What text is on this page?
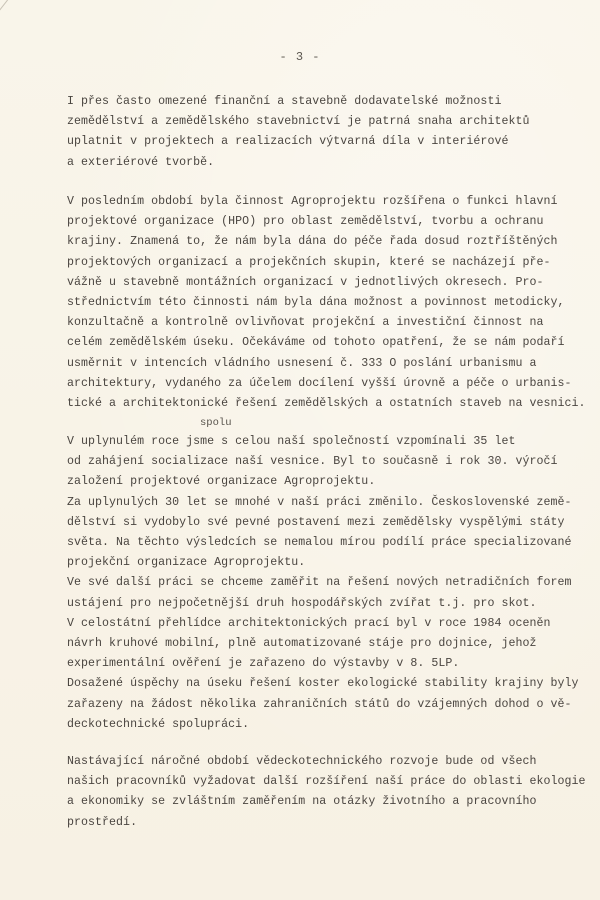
- 3 -
I přes často omezené finanční a stavebně dodavatelské možnosti
zemědělství a zemědělského stavebnictví je patrná snaha architektů
uplatnit v projektech a realizacích výtvarná díla v interiérové
a exteriérové tvorbě.
V posledním období byla činnost Agroprojektu rozšířena o funkci hlavní
projektové organizace (HPO) pro oblast zemědělství, tvorbu a ochranu
krajiny. Znamená to, že nám byla dána do péče řada dosud roztříštěných
projektových organizací a projekčních skupin, které se nacházejí pře-
vážně u stavebně montážních organizací v jednotlivých okresech. Pro-
střednictvím této činnosti nám byla dána možnost a povinnost metodicky,
konzultačně a kontrolně ovlivňovat projekční a investiční činnost na
celém zemědělském úseku. Očekáváme od tohoto opatření, že se nám podaří
usměrnit v intencích vládního usnesení č. 333 O poslání urbanismu a
architektury, vydaného za účelem docílení vyšší úrovně a péče o urbanis-
tické a architektonické řešení zemědělských a ostatních staveb na vesnici.
spolu
V uplynulém roce jsme s celou naší společností vzpomínali 35 let
od zahájení socializace naší vesnice. Byl to současně i rok 30. výročí
založení projektové organizace Agroprojektu.
Za uplynulých 30 let se mnohé v naší práci změnilo. Československé země-
dělství si vydobylo své pevné postavení mezi zemědělsky vyspělými státy
světa. Na těchto výsledcích se nemalou mírou podílí práce specializované
projekční organizace Agroprojektu.
Ve své další práci se chceme zaměřit na řešení nových netradičních forem
ustájení pro nejpočetnější druh hospodářských zvířat t.j. pro skot.
V celostátní přehlídce architektonických prací byl v roce 1984 oceněn
návrh kruhové mobilní, plně automatizované stáje pro dojnice, jehož
experimentální ověření je zařazeno do výstavby v 8. 5LP.
Dosažené úspěchy na úseku řešení koster ekologické stability krajiny byly
zařazeny na žádost několika zahraničních států do vzájemných dohod o vě-
deckotechnické spolupráci.
Nastávající náročné období vědeckotechnického rozvoje bude od všech
našich pracovníků vyžadovat další rozšíření naší práce do oblasti ekologie
a ekonomiky se zvláštním zaměřením na otázky životního a pracovního
prostředí.
